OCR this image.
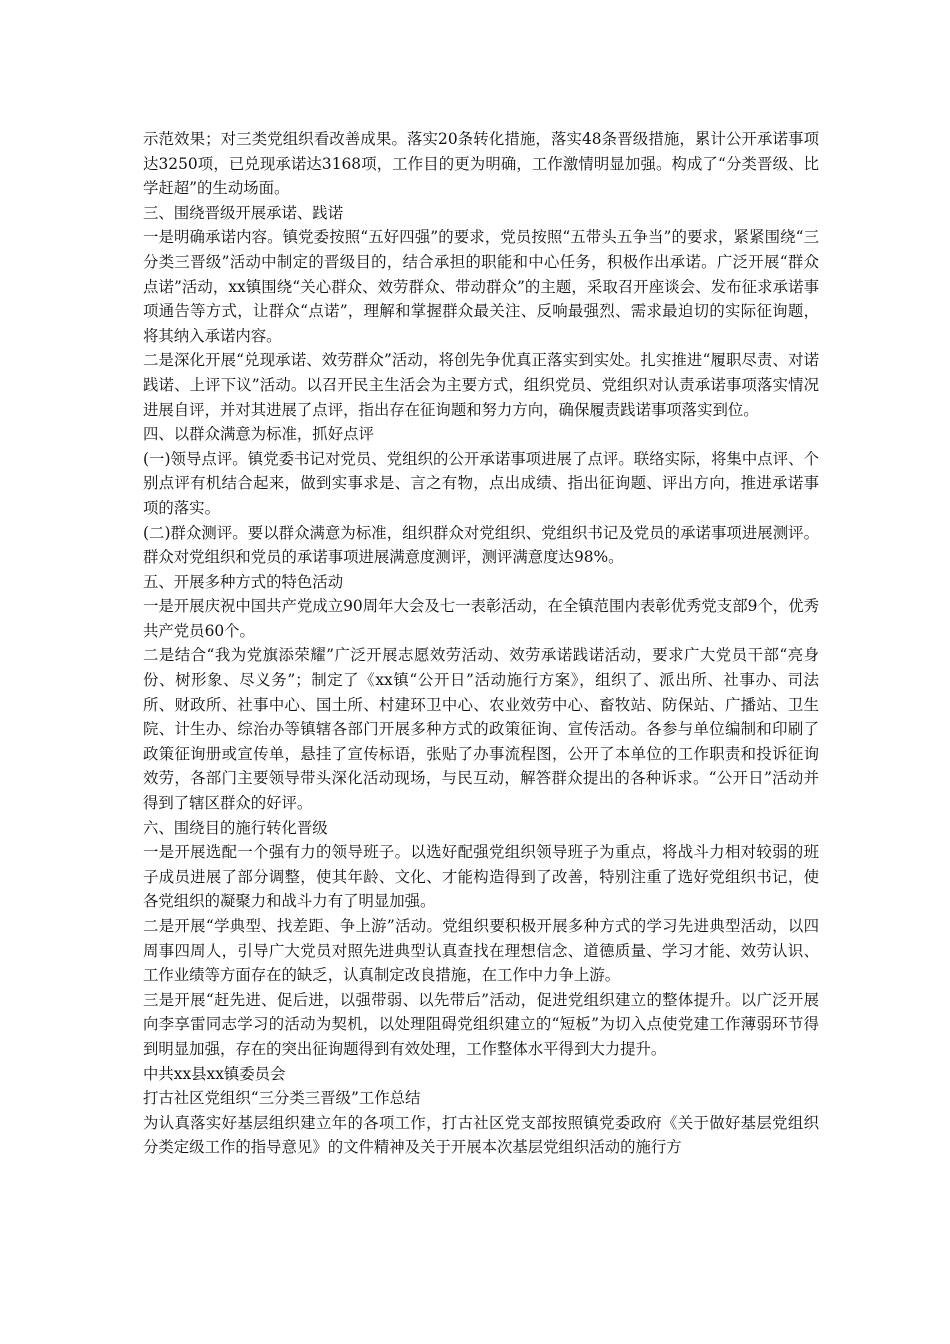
示范效果；对三类党组织看改善成果。落实20条转化措施，落实48条晋级措施，累计公开承诺事项达3250项，已兑现承诺达3168项，工作目的更为明确，工作激情明显加强。构成了“分类晋级、比学赶超”的生动场面。

三、围绕晋级开展承诺、践诺

一是明确承诺内容。镇党委按照“五好四强”的要求，党员按照“五带头五争当”的要求，紧紧围绕“三分类三晋级”活动中制定的晋级目的，结合承担的职能和中心任务，积极作出承诺。广泛开展“群众点诺”活动，xx镇围绕“关心群众、效劳群众、带动群众”的主题，采取召开座谈会、发布征求承诺事项通告等方式，让群众“点诺”，理解和掌握群众最关注、反响最强烈、需求最迫切的实际征询题，将其纳入承诺内容。

二是深化开展“兑现承诺、效劳群众”活动，将创先争优真正落实到实处。扎实推进“履职尽责、对诺践诺、上评下议”活动。以召开民主生活会为主要方式，组织党员、党组织对认责承诺事项落实情况进展自评，并对其进展了点评，指出存在征询题和努力方向，确保履责践诺事项落实到位。

四、以群众满意为标准，抓好点评

(一)领导点评。镇党委书记对党员、党组织的公开承诺事项进展了点评。联络实际，将集中点评、个别点评有机结合起来，做到实事求是、言之有物，点出成绩、指出征询题、评出方向，推进承诺事项的落实。

(二)群众测评。要以群众满意为标准，组织群众对党组织、党组织书记及党员的承诺事项进展测评。群众对党组织和党员的承诺事项进展满意度测评，测评满意度达98%。

五、开展多种方式的特色活动

一是开展庆祝中国共产党成立90周年大会及七一表彰活动，在全镇范围内表彰优秀党支部9个，优秀共产党员60个。

二是结合“我为党旗添荣耀”广泛开展志愿效劳活动、效劳承诺践诺活动，要求广大党员干部“亮身份、树形象、尽义务”；制定了《xx镇“公开日”活动施行方案》，组织了、派出所、社事办、司法所、财政所、社事中心、国土所、村建环卫中心、农业效劳中心、畜牧站、防保站、广播站、卫生院、计生办、综治办等镇辖各部门开展多种方式的政策征询、宣传活动。各参与单位编制和印刷了政策征询册或宣传单，悬挂了宣传标语，张贴了办事流程图，公开了本单位的工作职责和投诉征询效劳，各部门主要领导带头深化活动现场，与民互动，解答群众提出的各种诉求。“公开日”活动并得到了辖区群众的好评。

六、围绕目的施行转化晋级

一是开展选配一个强有力的领导班子。以选好配强党组织领导班子为重点，将战斗力相对较弱的班子成员进展了部分调整，使其年龄、文化、才能构造得到了改善，特别注重了选好党组织书记，使各党组织的凝聚力和战斗力有了明显加强。

二是开展“学典型、找差距、争上游”活动。党组织要积极开展多种方式的学习先进典型活动，以四周事四周人，引导广大党员对照先进典型认真查找在理想信念、道德质量、学习才能、效劳认识、工作业绩等方面存在的缺乏，认真制定改良措施，在工作中力争上游。

三是开展“赶先进、促后进，以强带弱、以先带后”活动，促进党组织建立的整体提升。以广泛开展向李享雷同志学习的活动为契机，以处理阻碍党组织建立的“短板”为切入点使党建工作薄弱环节得到明显加强，存在的突出征询题得到有效处理，工作整体水平得到大力提升。

中共xx县xx镇委员会

打古社区党组织“三分类三晋级”工作总结

为认真落实好基层组织建立年的各项工作，打古社区党支部按照镇党委政府《关于做好基层党组织分类定级工作的指导意见》的文件精神及关于开展本次基层党组织活动的施行方
